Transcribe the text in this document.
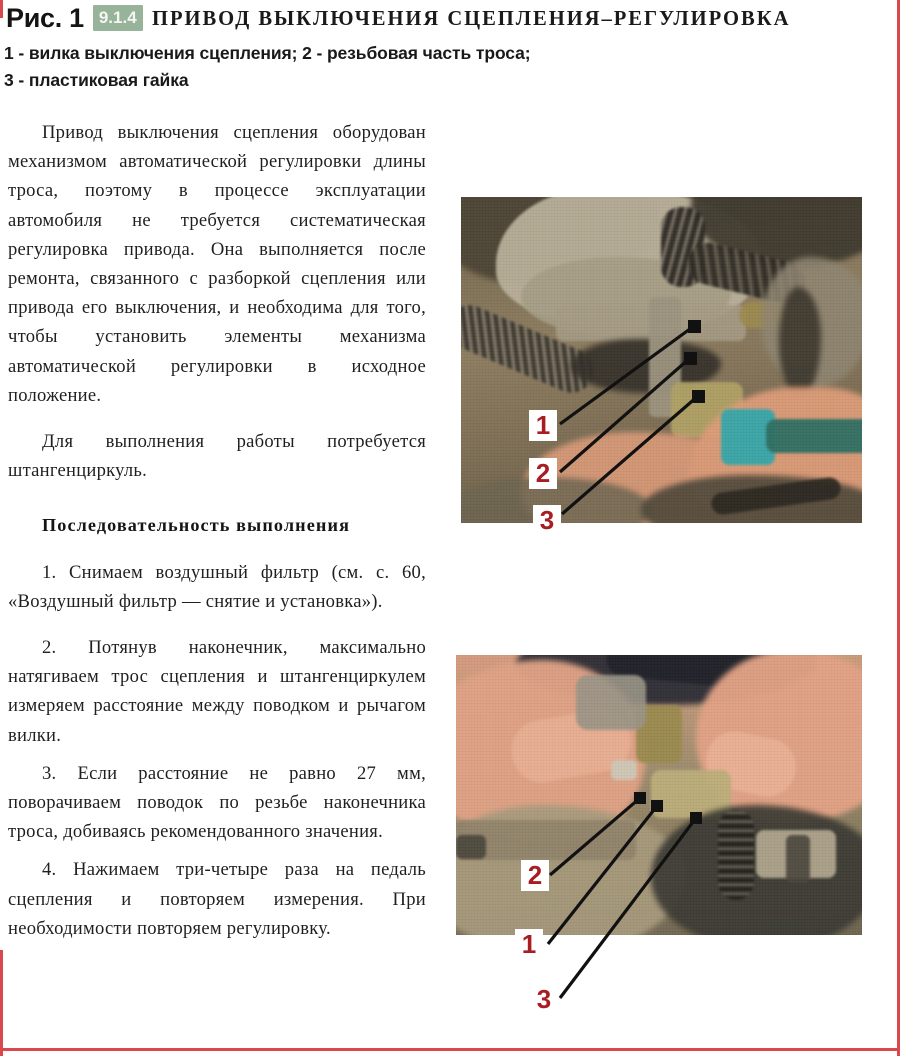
Рис. 1 9.1.4 ПРИВОД ВЫКЛЮЧЕНИЯ СЦЕПЛЕНИЯ–РЕГУЛИРОВКА
1 - вилка выключения сцепления; 2 - резьбовая часть троса;
3 - пластиковая гайка

Привод выключения сцепления оборудован механизмом автоматической регулировки длины троса, поэтому в процессе эксплуатации автомобиля не требуется систематическая регулировка привода. Она выполняется после ремонта, связанного с разборкой сцепления или привода его выключения, и необходима для того, чтобы установить элементы механизма автоматической регулировки в исходное положение.

Для выполнения работы потребуется штангенциркуль.

Последовательность выполнения

1. Снимаем воздушный фильтр (см. с. 60, «Воздушный фильтр — снятие и установка»).

2. Потянув наконечник, максимально натягиваем трос сцепления и штангенциркулем измеряем расстояние между поводком и рычагом вилки.

3. Если расстояние не равно 27 мм, поворачиваем поводок по резьбе наконечника троса, добиваясь рекомендованного значения.

4. Нажимаем три-четыре раза на педаль сцепления и повторяем измерения. При необходимости повторяем регулировку.

1
2
3
2
1
3
